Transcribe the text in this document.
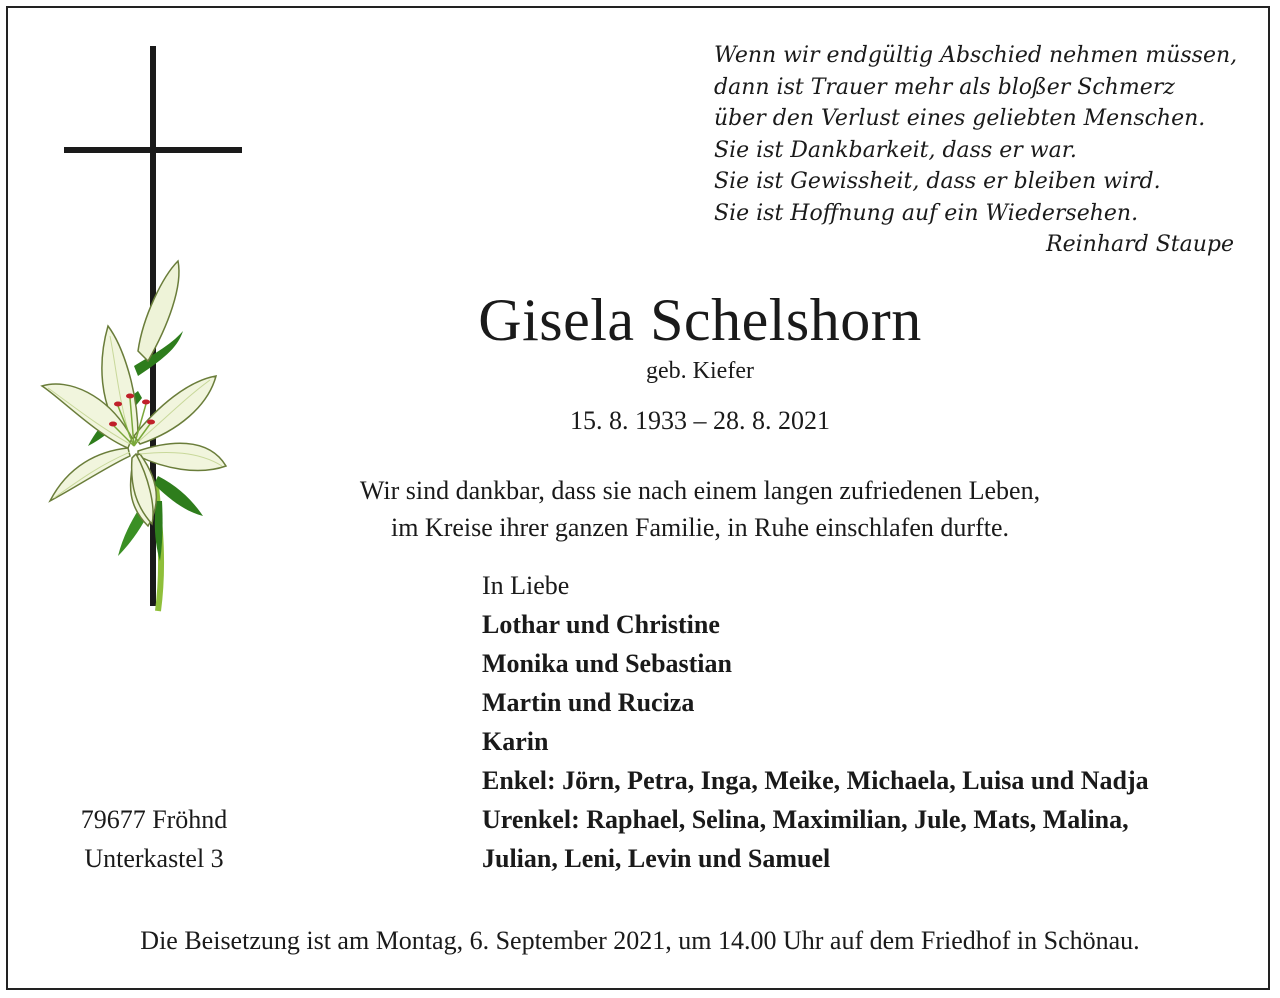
Wenn wir endgültig Abschied nehmen müssen,
dann ist Trauer mehr als bloßer Schmerz
über den Verlust eines geliebten Menschen.
Sie ist Dankbarkeit, dass er war.
Sie ist Gewissheit, dass er bleiben wird.
Sie ist Hoffnung auf ein Wiedersehen.
Reinhard Staupe
Gisela Schelshorn
geb. Kiefer
15. 8. 1933 – 28. 8. 2021
Wir sind dankbar, dass sie nach einem langen zufriedenen Leben,
im Kreise ihrer ganzen Familie, in Ruhe einschlafen durfte.
In Liebe
Lothar und Christine
Monika und Sebastian
Martin und Ruciza
Karin
Enkel: Jörn, Petra, Inga, Meike, Michaela, Luisa und Nadja
Urenkel: Raphael, Selina, Maximilian, Jule, Mats, Malina,
Julian, Leni, Levin und Samuel
79677 Fröhnd
Unterkastel 3
Die Beisetzung ist am Montag, 6. September 2021, um 14.00 Uhr auf dem Friedhof in Schönau.
